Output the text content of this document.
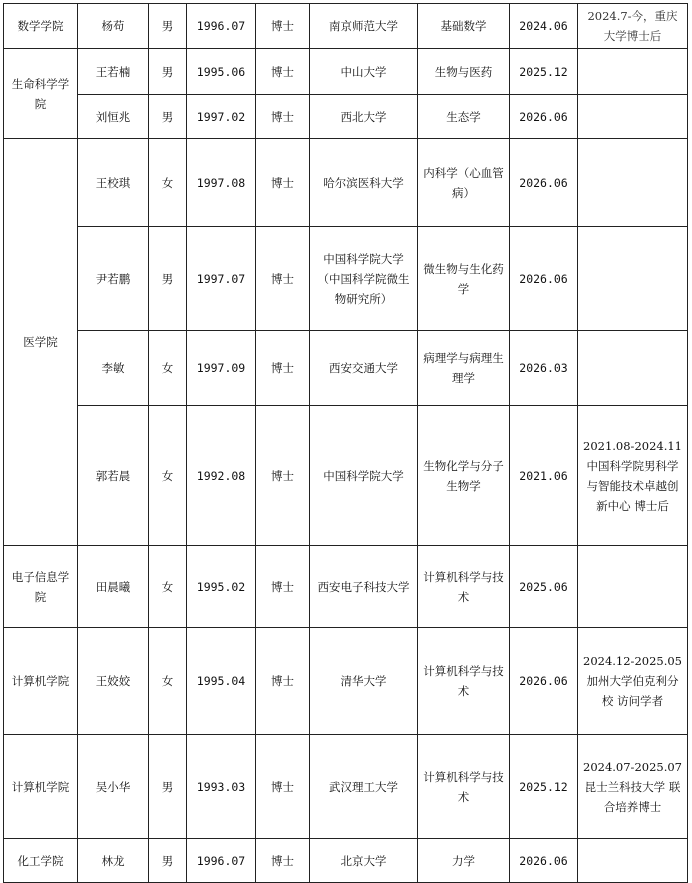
数学学院	杨苟	男	1996.07	博士	南京师范大学	基础数学	2024.06	2024.7-今，重庆大学博士后
生命科学学院	王若楠	男	1995.06	博士	中山大学	生物与医药	2025.12	
	刘恒兆	男	1997.02	博士	西北大学	生态学	2026.06	
医学院	王校琪	女	1997.08	博士	哈尔滨医科大学	内科学（心血管病）	2026.06	
	尹若鹏	男	1997.07	博士	中国科学院大学（中国科学院微生物研究所）	微生物与生化药学	2026.06	
	李敏	女	1997.09	博士	西安交通大学	病理学与病理生理学	2026.03	
	郭若晨	女	1992.08	博士	中国科学院大学	生物化学与分子生物学	2021.06	2021.08-2024.11 中国科学院男科学与智能技术卓越创新中心 博士后
电子信息学院	田晨曦	女	1995.02	博士	西安电子科技大学	计算机科学与技术	2025.06	
计算机学院	王姣姣	女	1995.04	博士	清华大学	计算机科学与技术	2026.06	2024.12-2025.05 加州大学伯克利分校 访问学者
计算机学院	吴小华	男	1993.03	博士	武汉理工大学	计算机科学与技术	2025.12	2024.07-2025.07 昆士兰科技大学 联合培养博士
化工学院	林龙	男	1996.07	博士	北京大学	力学	2026.06	
